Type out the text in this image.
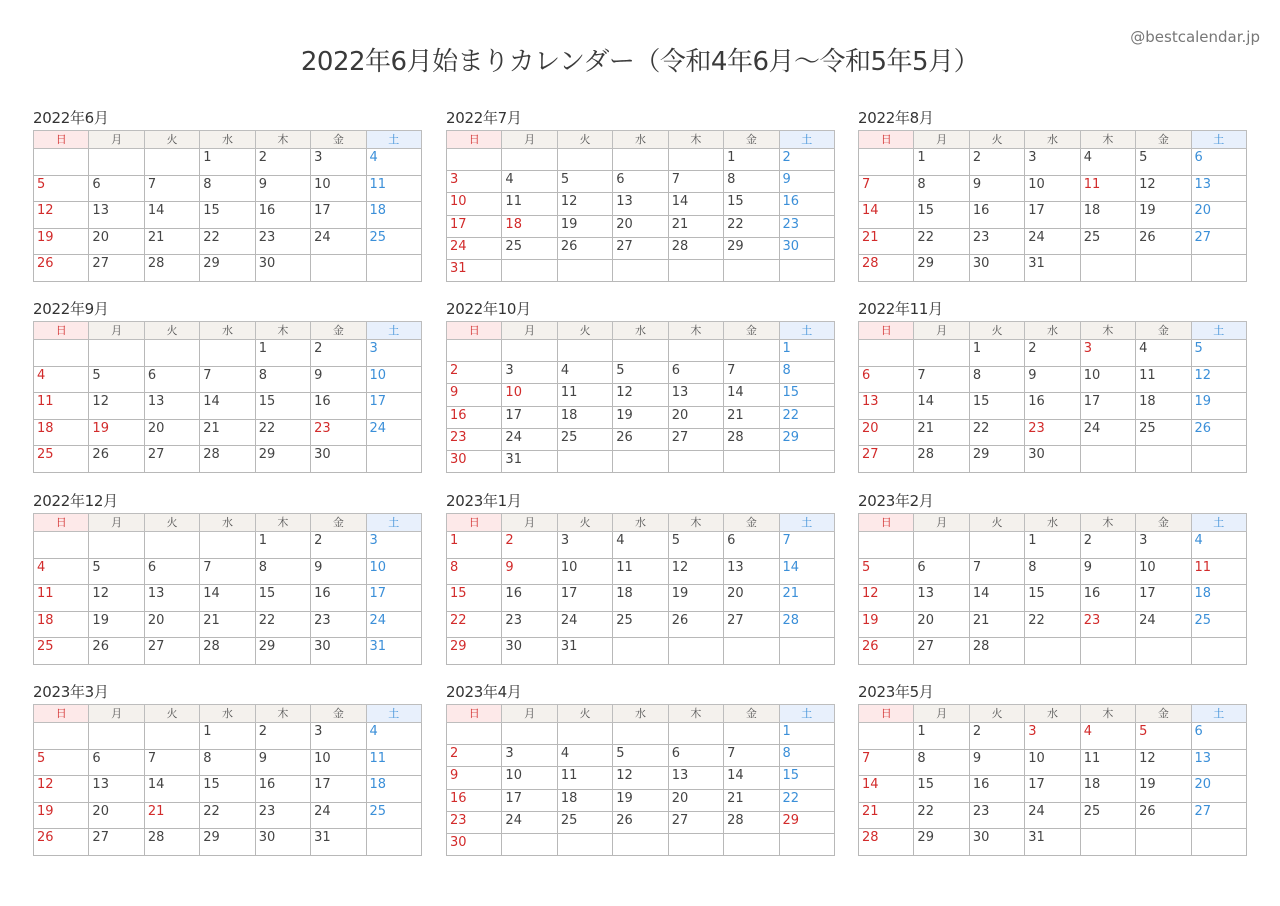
2022年6月始まりカレンダー（令和4年6月〜令和5年5月）
@bestcalendar.jp
2022年6月
日	月	火	水	木	金	土
			1	2	3	4
5	6	7	8	9	10	11
12	13	14	15	16	17	18
19	20	21	22	23	24	25
26	27	28	29	30		
2022年7月
日	月	火	水	木	金	土
					1	2
3	4	5	6	7	8	9
10	11	12	13	14	15	16
17	18	19	20	21	22	23
24	25	26	27	28	29	30
31						
2022年8月
日	月	火	水	木	金	土
	1	2	3	4	5	6
7	8	9	10	11	12	13
14	15	16	17	18	19	20
21	22	23	24	25	26	27
28	29	30	31			
2022年9月
日	月	火	水	木	金	土
				1	2	3
4	5	6	7	8	9	10
11	12	13	14	15	16	17
18	19	20	21	22	23	24
25	26	27	28	29	30	
2022年10月
日	月	火	水	木	金	土
						1
2	3	4	5	6	7	8
9	10	11	12	13	14	15
16	17	18	19	20	21	22
23	24	25	26	27	28	29
30	31					
2022年11月
日	月	火	水	木	金	土
		1	2	3	4	5
6	7	8	9	10	11	12
13	14	15	16	17	18	19
20	21	22	23	24	25	26
27	28	29	30			
2022年12月
日	月	火	水	木	金	土
				1	2	3
4	5	6	7	8	9	10
11	12	13	14	15	16	17
18	19	20	21	22	23	24
25	26	27	28	29	30	31
2023年1月
日	月	火	水	木	金	土
1	2	3	4	5	6	7
8	9	10	11	12	13	14
15	16	17	18	19	20	21
22	23	24	25	26	27	28
29	30	31				
2023年2月
日	月	火	水	木	金	土
			1	2	3	4
5	6	7	8	9	10	11
12	13	14	15	16	17	18
19	20	21	22	23	24	25
26	27	28				
2023年3月
日	月	火	水	木	金	土
			1	2	3	4
5	6	7	8	9	10	11
12	13	14	15	16	17	18
19	20	21	22	23	24	25
26	27	28	29	30	31	
2023年4月
日	月	火	水	木	金	土
						1
2	3	4	5	6	7	8
9	10	11	12	13	14	15
16	17	18	19	20	21	22
23	24	25	26	27	28	29
30						
2023年5月
日	月	火	水	木	金	土
	1	2	3	4	5	6
7	8	9	10	11	12	13
14	15	16	17	18	19	20
21	22	23	24	25	26	27
28	29	30	31			
